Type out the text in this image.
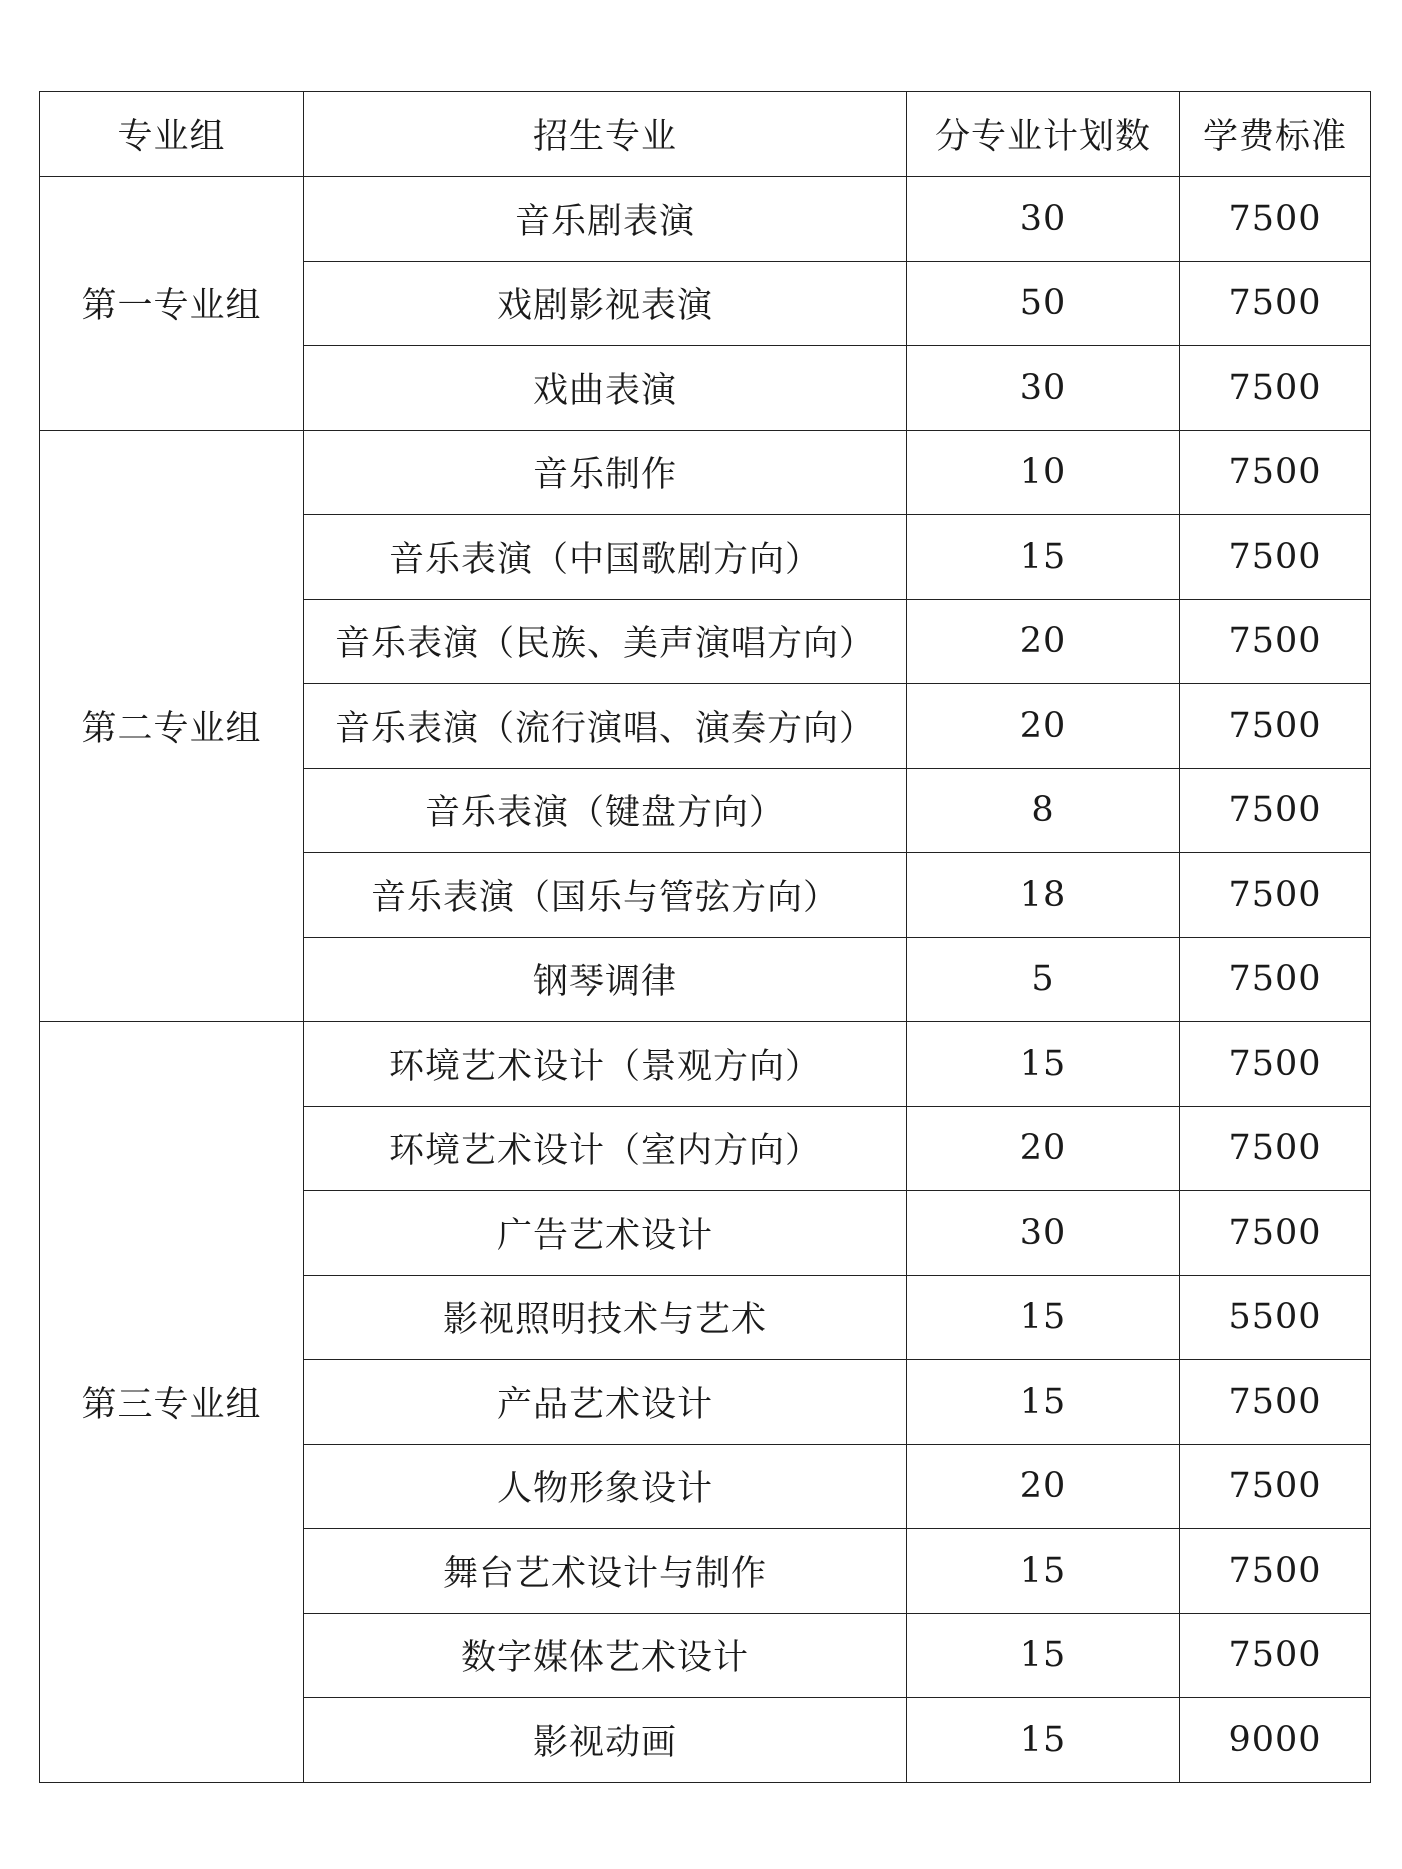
专业组	招生专业	分专业计划数	学费标准
第一专业组	音乐剧表演	30	7500
	戏剧影视表演	50	7500
	戏曲表演	30	7500
第二专业组	音乐制作	10	7500
	音乐表演（中国歌剧方向）	15	7500
	音乐表演（民族、美声演唱方向）	20	7500
	音乐表演（流行演唱、演奏方向）	20	7500
	音乐表演（键盘方向）	8	7500
	音乐表演（国乐与管弦方向）	18	7500
	钢琴调律	5	7500
第三专业组	环境艺术设计（景观方向）	15	7500
	环境艺术设计（室内方向）	20	7500
	广告艺术设计	30	7500
	影视照明技术与艺术	15	5500
	产品艺术设计	15	7500
	人物形象设计	20	7500
	舞台艺术设计与制作	15	7500
	数字媒体艺术设计	15	7500
	影视动画	15	9000
